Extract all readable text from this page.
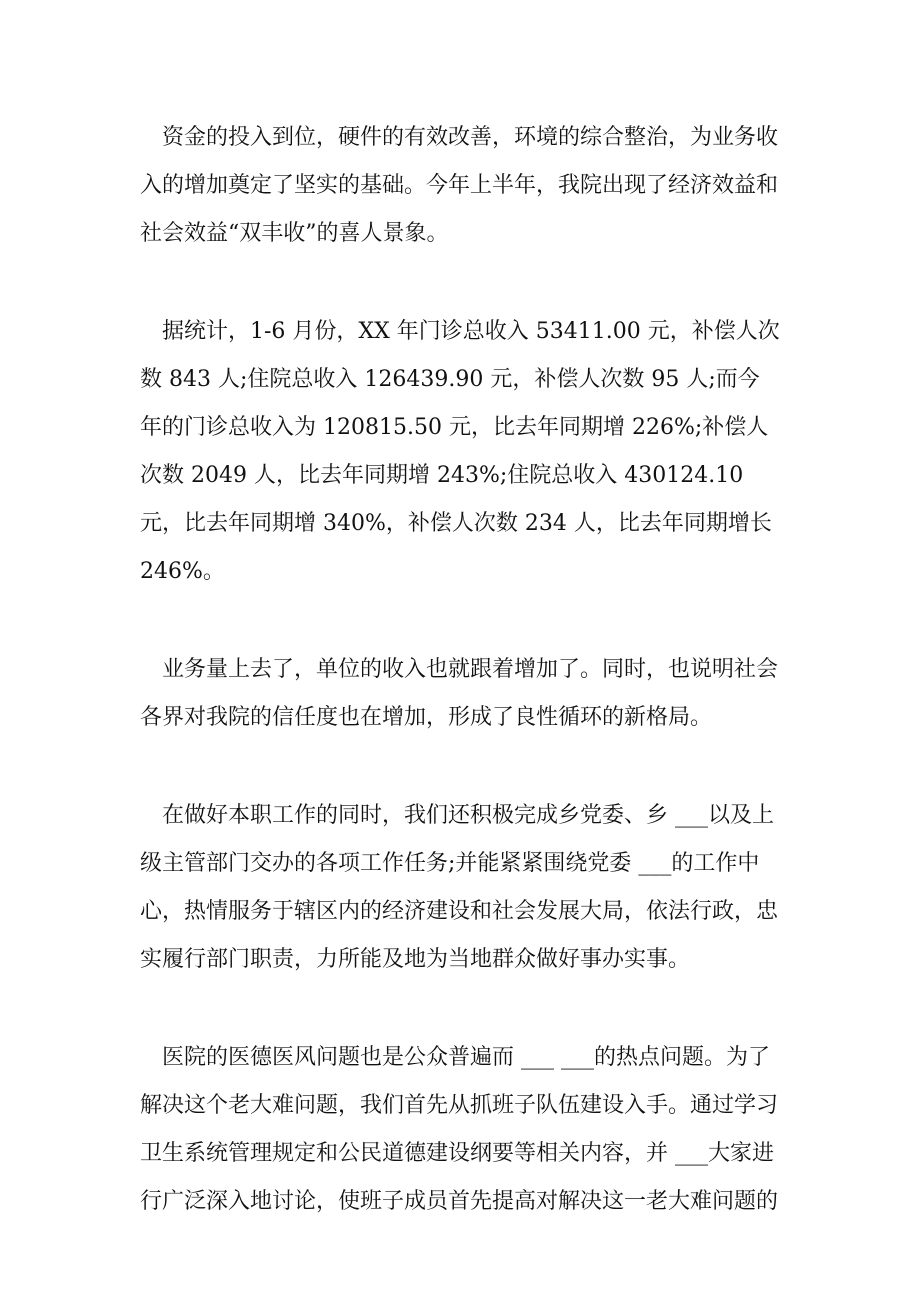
资金的投入到位，硬件的有效改善，环境的综合整治，为业务收入的增加奠定了坚实的基础。今年上半年，我院出现了经济效益和社会效益“双丰收”的喜人景象。

据统计，1-6 月份，XX 年门诊总收入 53411.00 元，补偿人次数 843 人;住院总收入 126439.90 元，补偿人次数 95 人;而今年的门诊总收入为 120815.50 元，比去年同期增 226%;补偿人次数 2049 人，比去年同期增 243%;住院总收入 430124.10 元，比去年同期增 340%，补偿人次数 234 人，比去年同期增长 246%。

业务量上去了，单位的收入也就跟着增加了。同时，也说明社会各界对我院的信任度也在增加，形成了良性循环的新格局。

在做好本职工作的同时，我们还积极完成乡党委、乡 ___以及上级主管部门交办的各项工作任务;并能紧紧围绕党委 ___的工作中心，热情服务于辖区内的经济建设和社会发展大局，依法行政，忠实履行部门职责，力所能及地为当地群众做好事办实事。

医院的医德医风问题也是公众普遍而 ___ ___的热点问题。为了解决这个老大难问题，我们首先从抓班子队伍建设入手。通过学习卫生系统管理规定和公民道德建设纲要等相关内容，并 ___大家进行广泛深入地讨论，使班子成员首先提高对解决这一老大难问题的
